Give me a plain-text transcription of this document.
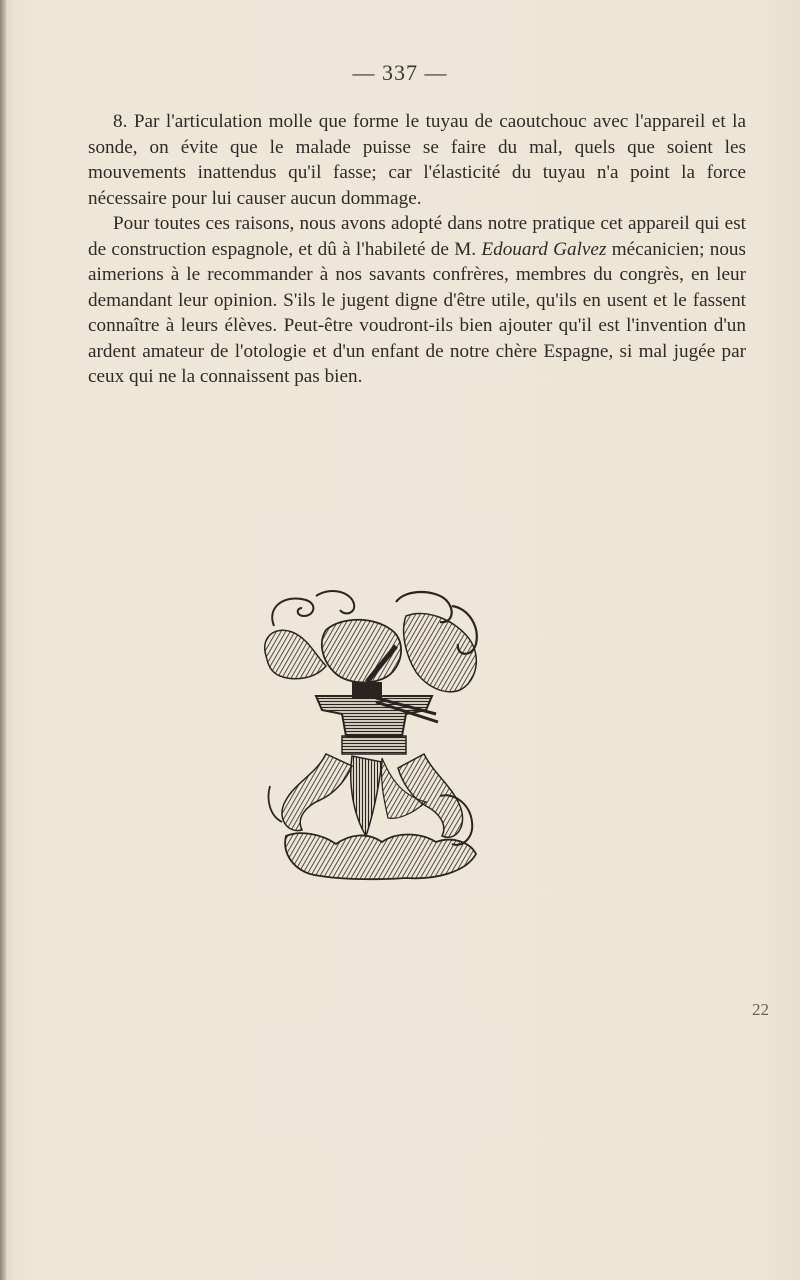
— 337 —

8. Par l'articulation molle que forme le tuyau de caoutchouc avec l'appareil et la sonde, on évite que le malade puisse se faire du mal, quels que soient les mouvements inattendus qu'il fasse; car l'élasticité du tuyau n'a point la force nécessaire pour lui causer aucun dommage.

Pour toutes ces raisons, nous avons adopté dans notre pratique cet appareil qui est de construction espagnole, et dû à l'habileté de M. Edouard Galvez mécanicien; nous aimerions à le recommander à nos savants confrères, membres du congrès, en leur demandant leur opinion. S'ils le jugent digne d'être utile, qu'ils en usent et le fassent connaître à leurs élèves. Peut-être voudront-ils bien ajouter qu'il est l'invention d'un ardent amateur de l'otologie et d'un enfant de notre chère Espagne, si mal jugée par ceux qui ne la connaissent pas bien.

22
